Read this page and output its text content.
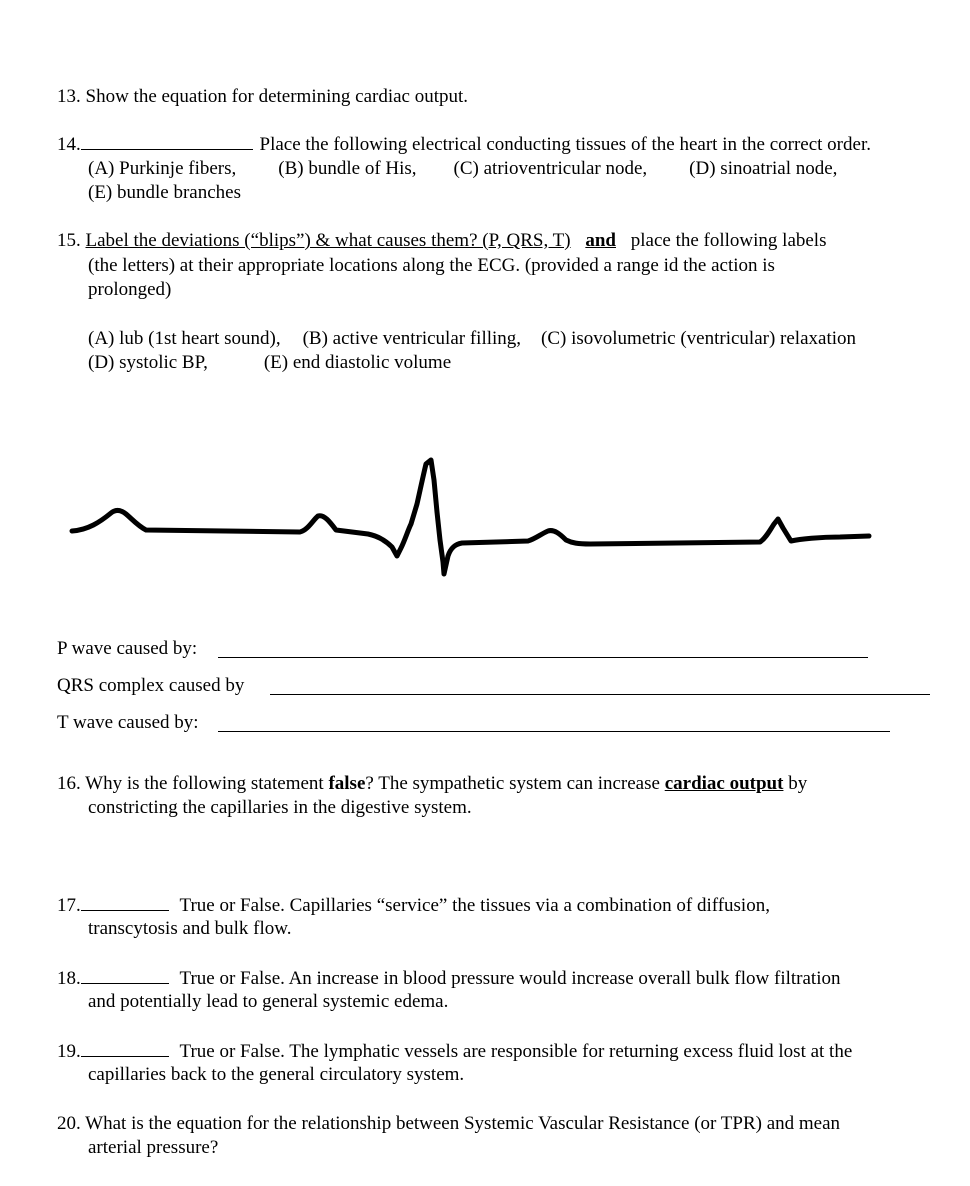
13. Show the equation for determining cardiac output.
14.	Place the following electrical conducting tissues of the heart in the correct order.
(A) Purkinje fibers, (B) bundle of His, (C) atrioventricular node, (D) sinoatrial node,
(E) bundle branches
15. Label the deviations (“blips”) & what causes them? (P, QRS, T) and place the following labels
(the letters) at their appropriate locations along the ECG. (provided a range id the action is
prolonged)
(A) lub (1st heart sound), (B) active ventricular filling, (C) isovolumetric (ventricular) relaxation
(D) systolic BP,	(E) end diastolic volume
P wave caused by:
QRS complex caused by
T wave caused by:
16. Why is the following statement false? The sympathetic system can increase cardiac output by
constricting the capillaries in the digestive system.
17.	True or False. Capillaries “service” the tissues via a combination of diffusion,
transcytosis and bulk flow.
18.	True or False. An increase in blood pressure would increase overall bulk flow filtration
and potentially lead to general systemic edema.
19.	True or False. The lymphatic vessels are responsible for returning excess fluid lost at the
capillaries back to the general circulatory system.
20. What is the equation for the relationship between Systemic Vascular Resistance (or TPR) and mean
arterial pressure?
